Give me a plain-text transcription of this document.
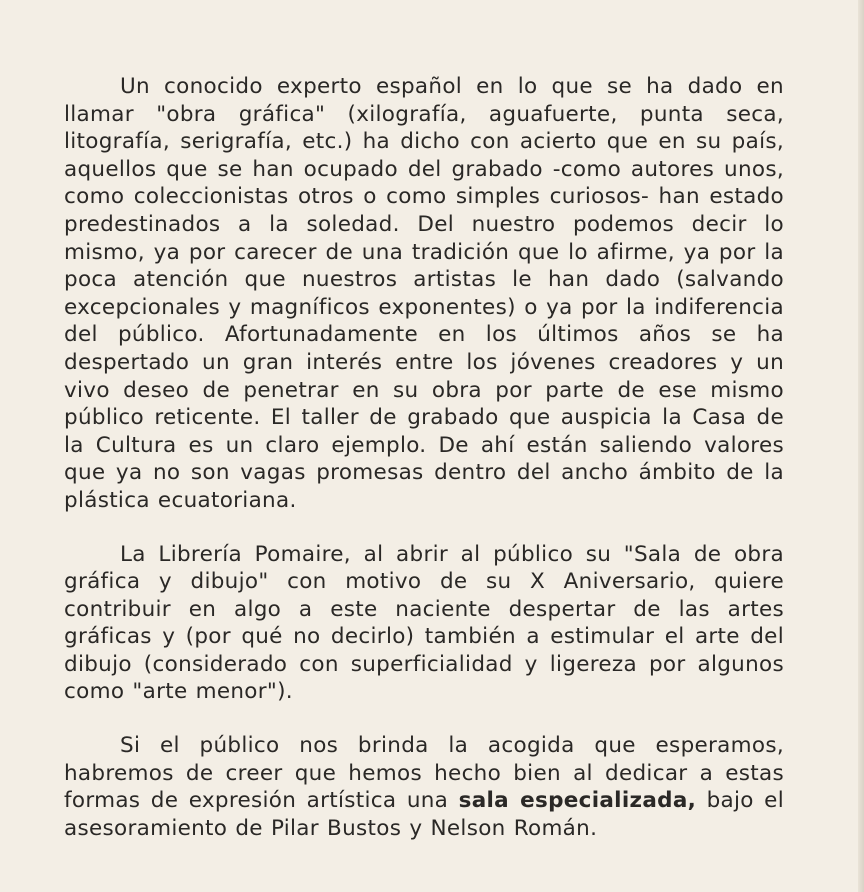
Un conocido experto español en lo que se ha dado en llamar "obra gráfica" (xilografía, aguafuerte, punta seca, litografía, serigrafía, etc.) ha dicho con acierto que en su país, aquellos que se han ocupado del grabado -como autores unos, como coleccionistas otros o como simples curiosos- han estado predestinados a la soledad. Del nuestro podemos decir lo mismo, ya por carecer de una tradición que lo afirme, ya por la poca atención que nuestros artistas le han dado (salvando excepcionales y magníficos exponentes) o ya por la indiferencia del público. Afortunadamente en los últimos años se ha despertado un gran interés entre los jóvenes creadores y un vivo deseo de penetrar en su obra por parte de ese mismo público reticente. El taller de grabado que auspicia la Casa de la Cultura es un claro ejemplo. De ahí están saliendo valores que ya no son vagas promesas dentro del ancho ámbito de la plástica ecuatoriana.

La Librería Pomaire, al abrir al público su "Sala de obra gráfica y dibujo" con motivo de su X Aniversario, quiere contribuir en algo a este naciente despertar de las artes gráficas y (por qué no decirlo) también a estimular el arte del dibujo (considerado con superficialidad y ligereza por algunos como "arte menor").

Si el público nos brinda la acogida que esperamos, habremos de creer que hemos hecho bien al dedicar a estas formas de expresión artística una sala especializada, bajo el asesoramiento de Pilar Bustos y Nelson Román.
